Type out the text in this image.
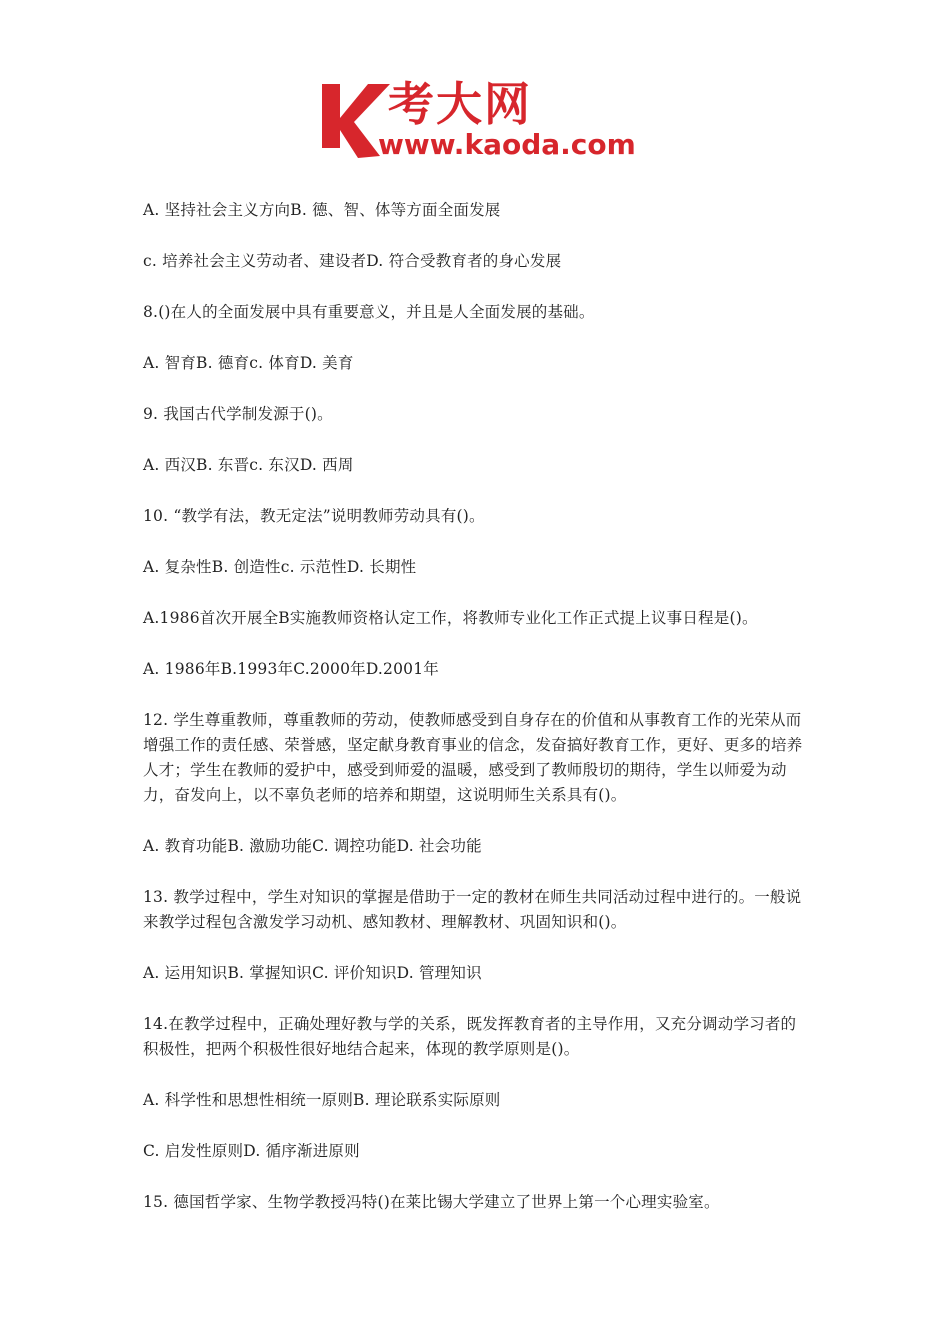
考大网
www.kaoda.com

A. 坚持社会主义方向B. 德、智、体等方面全面发展

c. 培养社会主义劳动者、建设者D. 符合受教育者的身心发展

8.()在人的全面发展中具有重要意义，并且是人全面发展的基础。

A. 智育B. 德育c. 体育D. 美育

9. 我国古代学制发源于()。

A. 西汉B. 东晋c. 东汉D. 西周

10. “教学有法，教无定法”说明教师劳动具有()。

A. 复杂性B. 创造性c. 示范性D. 长期性

A.1986首次开展全B实施教师资格认定工作，将教师专业化工作正式提上议事日程是()。

A. 1986年B.1993年C.2000年D.2001年

12. 学生尊重教师，尊重教师的劳动，使教师感受到自身存在的价值和从事教育工作的光荣从而增强工作的责任感、荣誉感，坚定献身教育事业的信念，发奋搞好教育工作，更好、更多的培养人才；学生在教师的爱护中，感受到师爱的温暖，感受到了教师殷切的期待，学生以师爱为动力，奋发向上，以不辜负老师的培养和期望，这说明师生关系具有()。

A. 教育功能B. 激励功能C. 调控功能D. 社会功能

13. 教学过程中，学生对知识的掌握是借助于一定的教材在师生共同活动过程中进行的。一般说来教学过程包含激发学习动机、感知教材、理解教材、巩固知识和()。

A. 运用知识B. 掌握知识C. 评价知识D. 管理知识

14.在教学过程中，正确处理好教与学的关系，既发挥教育者的主导作用，又充分调动学习者的积极性，把两个积极性很好地结合起来，体现的教学原则是()。

A. 科学性和思想性相统一原则B. 理论联系实际原则

C. 启发性原则D. 循序渐进原则

15. 德国哲学家、生物学教授冯特()在莱比锡大学建立了世界上第一个心理实验室。
